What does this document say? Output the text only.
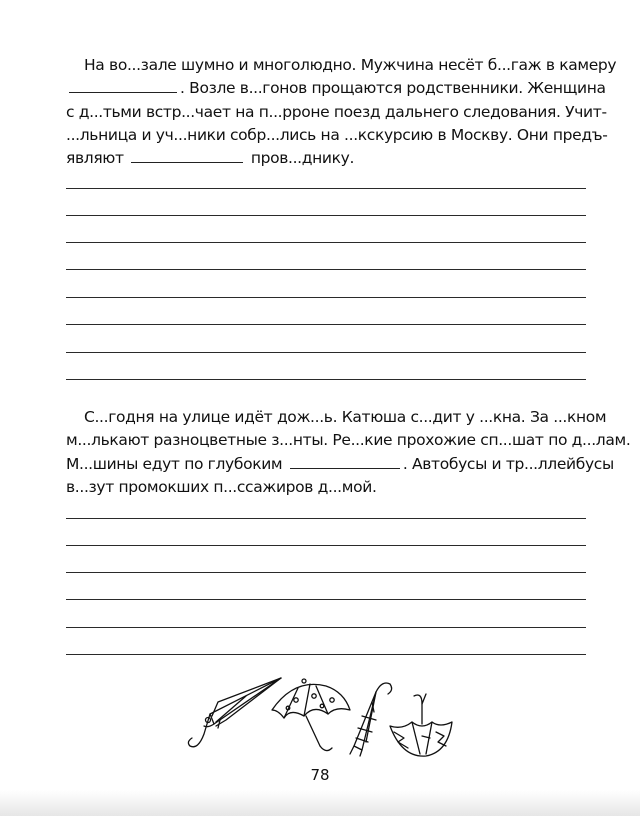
На во...зале шумно и многолюдно. Мужчина несёт б...гаж в камеру
. Возле в...гонов прощаются родственники. Женщина
с д...тьми встр...чает на п...рроне поезд дальнего следования. Учит-
...льница и уч...ники собр...лись на ...кскурсию в Москву. Они предъ-
являют	пров...днику.
С...годня на улице идёт дож...ь. Катюша с...дит у ...кна. За ...кном
м...лькают разноцветные з...нты. Ре...кие прохожие сп...шат по д...лам.
М...шины едут по глубоким	. Автобусы и тр...ллейбусы
в...зут промокших п...ссажиров д...мой.
78
